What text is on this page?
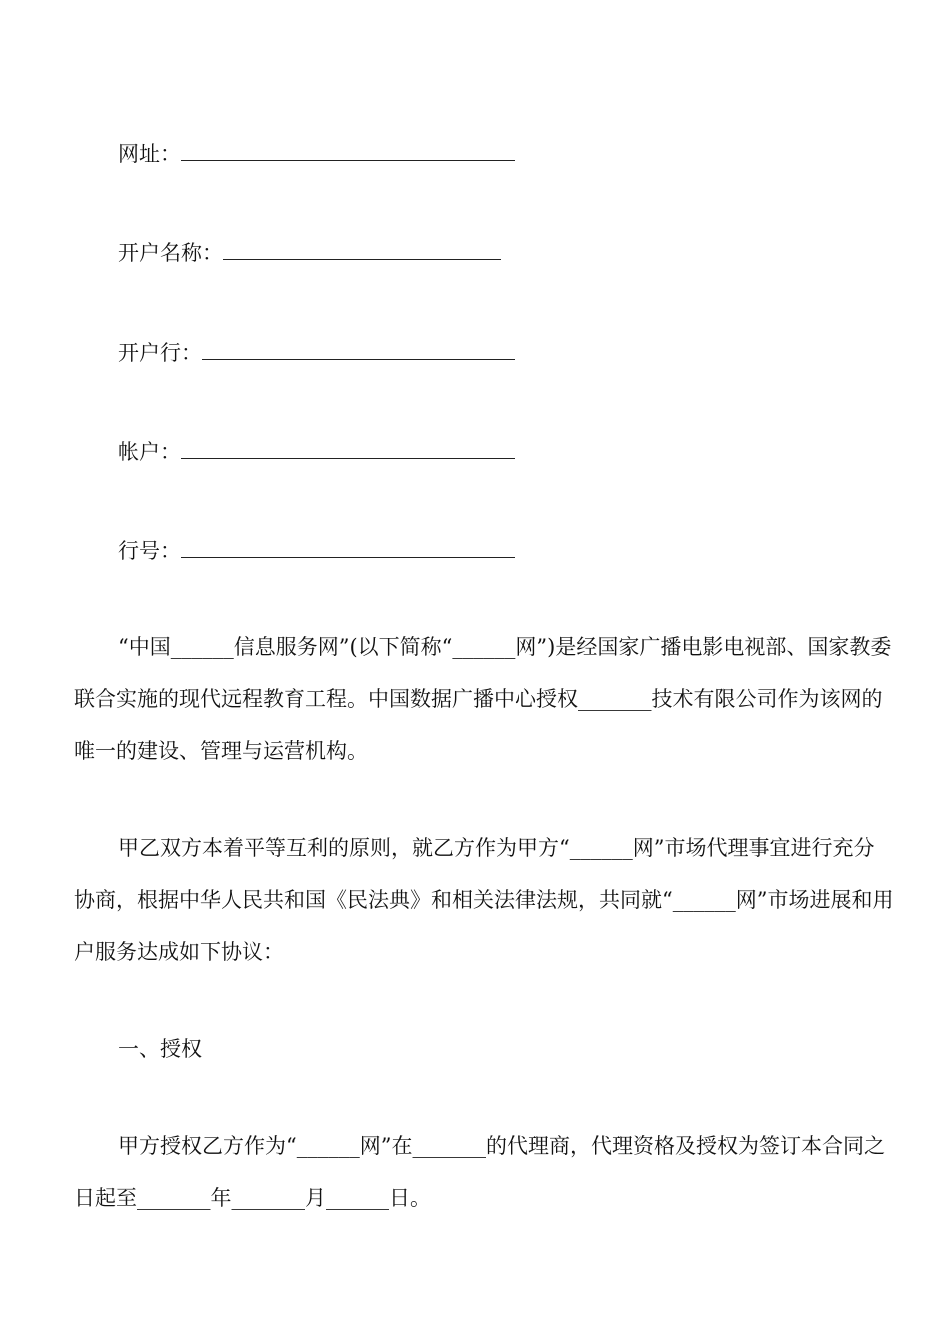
网址：
开户名称：
开户行：
帐户：
行号：

“中国______信息服务网”(以下简称“______网”)是经国家广播电影电视部、国家教委联合实施的现代远程教育工程。中国数据广播中心授权_______技术有限公司作为该网的唯一的建设、管理与运营机构。

甲乙双方本着平等互利的原则，就乙方作为甲方“______网”市场代理事宜进行充分协商，根据中华人民共和国《民法典》和相关法律法规，共同就“______网”市场进展和用户服务达成如下协议：

一、授权

甲方授权乙方作为“______网”在_______的代理商，代理资格及授权为签订本合同之日起至_______年_______月______日。
